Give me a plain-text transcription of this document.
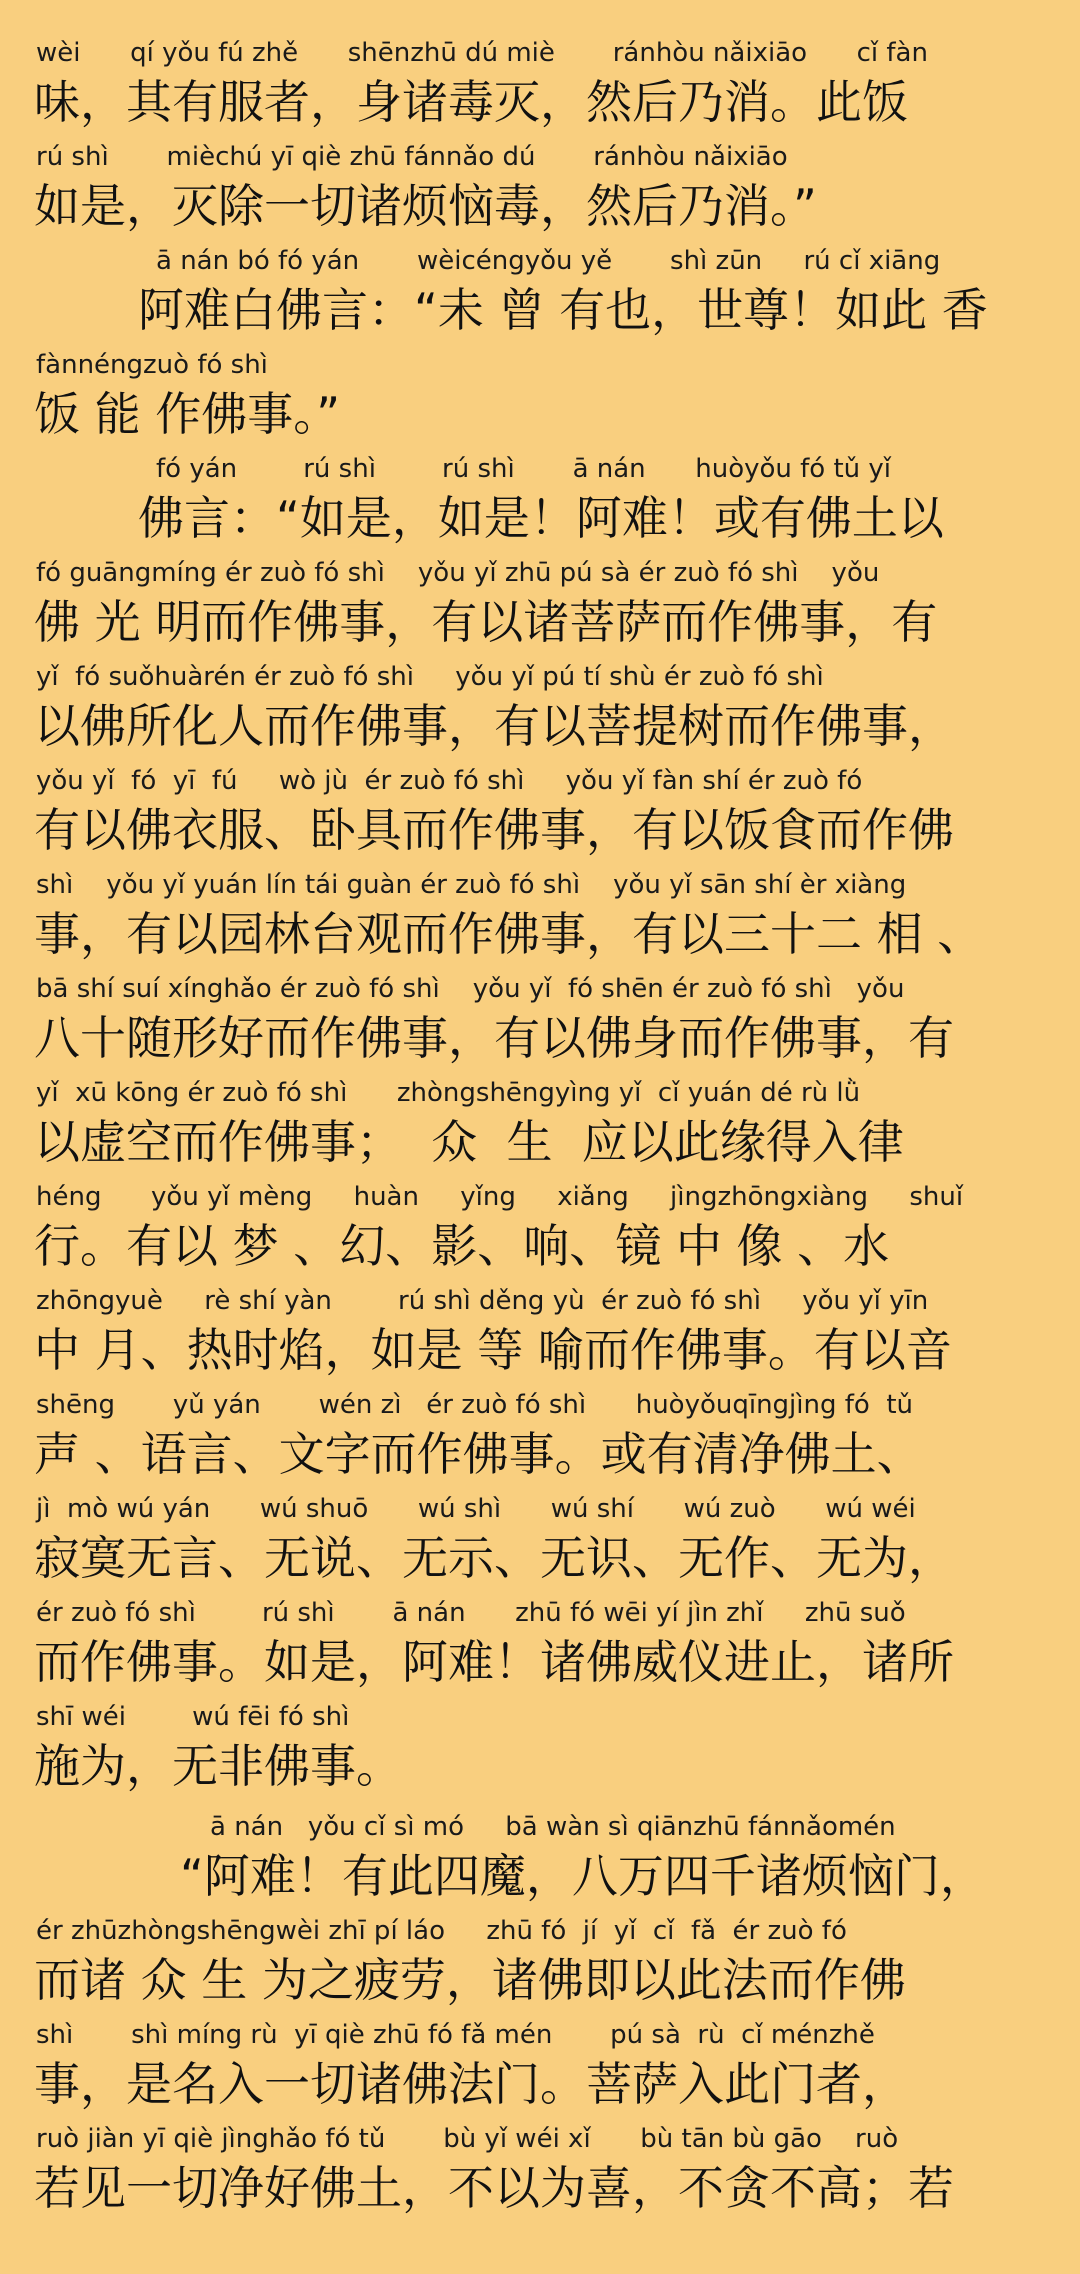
wèi      qí yǒu fú zhě      shēnzhū dú miè       ránhòu nǎixiāo      cǐ fàn
味，其有服者，身诸毒灭，然后乃消。此饭
rú shì       mièchú yī qiè zhū fánnǎo dú       ránhòu nǎixiāo
如是，灭除一切诸烦恼毒，然后乃消。”
ā nán bó fó yán       wèicéngyǒu yě       shì zūn     rú cǐ xiāng
阿难白佛言：“未 曾 有也，世尊！如此 香
fànnéngzuò fó shì
饭 能 作佛事。”
fó yán        rú shì        rú shì       ā nán      huòyǒu fó tǔ yǐ
佛言：“如是，如是！阿难！或有佛土以
fó guāngmíng ér zuò fó shì    yǒu yǐ zhū pú sà ér zuò fó shì    yǒu
佛 光 明而作佛事，有以诸菩萨而作佛事，有
yǐ  fó suǒhuàrén ér zuò fó shì     yǒu yǐ pú tí shù ér zuò fó shì
以佛所化人而作佛事，有以菩提树而作佛事，
yǒu yǐ  fó  yī  fú     wò jù  ér zuò fó shì     yǒu yǐ fàn shí ér zuò fó
有以佛衣服、卧具而作佛事，有以饭食而作佛
shì    yǒu yǐ yuán lín tái guàn ér zuò fó shì    yǒu yǐ sān shí èr xiàng
事，有以园林台观而作佛事，有以三十二 相 、
bā shí suí xínghǎo ér zuò fó shì    yǒu yǐ  fó shēn ér zuò fó shì   yǒu
八十随形好而作佛事，有以佛身而作佛事，有
yǐ  xū kōng ér zuò fó shì      zhòngshēngyìng yǐ  cǐ yuán dé rù lǜ
以虚空而作佛事；  众  生  应以此缘得入律
héng      yǒu yǐ mèng     huàn     yǐng     xiǎng     jìngzhōngxiàng     shuǐ
行。有以 梦 、幻、影、响、镜 中 像 、水
zhōngyuè     rè shí yàn        rú shì děng yù  ér zuò fó shì     yǒu yǐ yīn
中 月、热时焰，如是 等 喻而作佛事。有以音
shēng       yǔ yán       wén zì   ér zuò fó shì      huòyǒuqīngjìng fó  tǔ
声 、语言、文字而作佛事。或有清净佛土、
jì  mò wú yán      wú shuō      wú shì      wú shí      wú zuò      wú wéi
寂寞无言、无说、无示、无识、无作、无为，
ér zuò fó shì        rú shì       ā nán      zhū fó wēi yí jìn zhǐ     zhū suǒ
而作佛事。如是，阿难！诸佛威仪进止，诸所
shī wéi        wú fēi fó shì
施为，无非佛事。
ā nán   yǒu cǐ sì mó     bā wàn sì qiānzhū fánnǎomén
“阿难！有此四魔，八万四千诸烦恼门，
ér zhūzhòngshēngwèi zhī pí láo     zhū fó  jí  yǐ  cǐ  fǎ  ér zuò fó
而诸 众 生 为之疲劳，诸佛即以此法而作佛
shì       shì míng rù  yī qiè zhū fó fǎ mén       pú sà  rù  cǐ ménzhě
事，是名入一切诸佛法门。菩萨入此门者，
ruò jiàn yī qiè jìnghǎo fó tǔ       bù yǐ wéi xǐ      bù tān bù gāo    ruò
若见一切净好佛土，不以为喜，不贪不高；若
